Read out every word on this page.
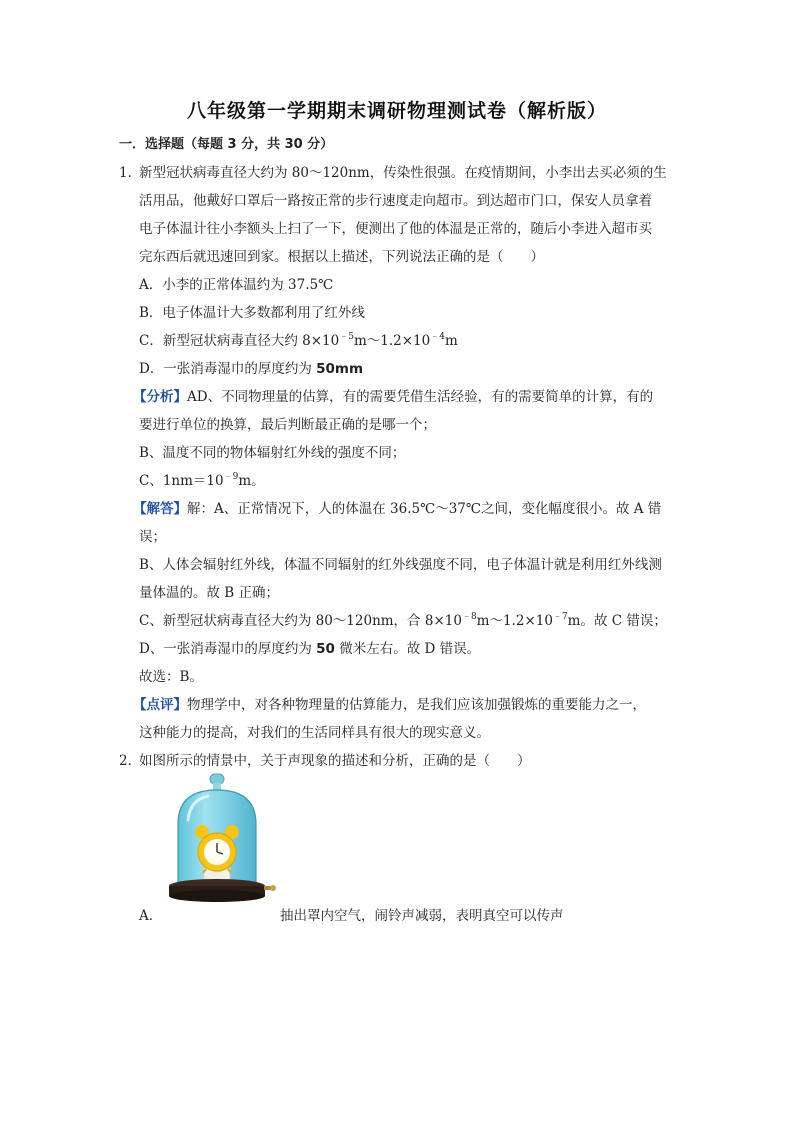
八年级第一学期期末调研物理测试卷（解析版）
一．选择题（每题 3 分，共 30 分）
1．
新型冠状病毒直径大约为 80～120nm，传染性很强。在疫情期间，小李出去买必须的生
活用品，他戴好口罩后一路按正常的步行速度走向超市。到达超市门口，保安人员拿着
电子体温计往小李额头上扫了一下，便测出了他的体温是正常的，随后小李进入超市买
完东西后就迅速回到家。根据以上描述，下列说法正确的是（　　）
A．小李的正常体温约为 37.5℃
B．电子体温计大多数都利用了红外线
C．新型冠状病毒直径大约 $8\times 10^{﹣5}m\sim 1.2\times 10^{﹣4}m$
D．一张消毒湿巾的厚度约为 50mm
【分析】AD、不同物理量的估算，有的需要凭借生活经验，有的需要简单的计算，有的
要进行单位的换算，最后判断最正确的是哪一个；
B、温度不同的物体辐射红外线的强度不同；
C、$1nm=10^{﹣9}m$。
【解答】解：A、正常情况下，人的体温在 36.5℃～37℃之间，变化幅度很小。故 A 错
误；
B、人体会辐射红外线，体温不同辐射的红外线强度不同，电子体温计就是利用红外线测
量体温的。故 B 正确；
C、新型冠状病毒直径大约为 80～120nm，合 $8\times 10^{﹣8}m\sim 1.2\times 10^{﹣7}m$。故 C 错误；
D、一张消毒湿巾的厚度约为 50 微米左右。故 D 错误。
故选：B。
【点评】物理学中，对各种物理量的估算能力，是我们应该加强锻炼的重要能力之一，
这种能力的提高，对我们的生活同样具有很大的现实意义。
2．
如图所示的情景中，关于声现象的描述和分析，正确的是（　　）
A．	抽出罩内空气，闹铃声减弱，表明真空可以传声
